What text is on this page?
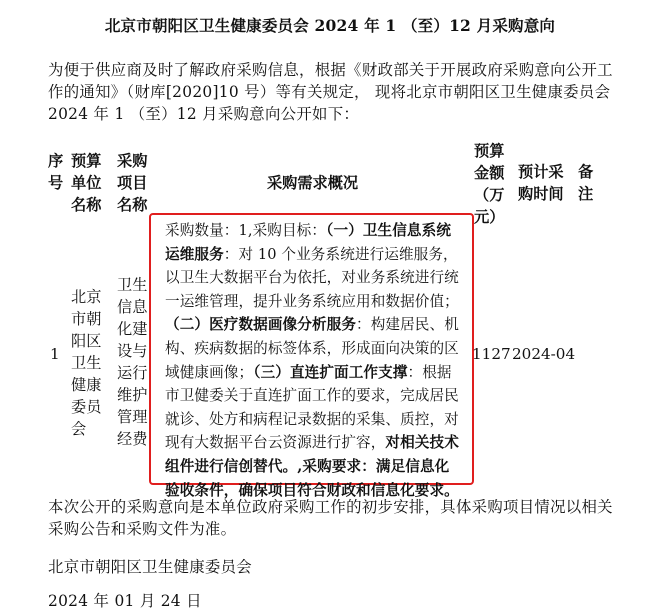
北京市朝阳区卫生健康委员会 2024 年 1 （至）12 月采购意向
为便于供应商及时了解政府采购信息，根据《财政部关于开展政府采购意向公开工作的通知》（财库[2020]10 号）等有关规定， 现将北京市朝阳区卫生健康委员会 2024 年 1 （至）12 月采购意向公开如下：
序号
预算单位名称
采购项目名称
采购需求概况
预算金额（万元）
预计采购时间
备注
1
北京市朝阳区卫生健康委员会
卫生信息化建设与运行维护管理经费
采购数量：1,采购目标：（一）卫生信息系统运维服务：对 10 个业务系统进行运维服务，以卫生大数据平台为依托，对业务系统进行统一运维管理，提升业务系统应用和数据价值；（二）医疗数据画像分析服务：构建居民、机构、疾病数据的标签体系，形成面向决策的区域健康画像；（三）直连扩面工作支撑：根据市卫健委关于直连扩面工作的要求，完成居民就诊、处方和病程记录数据的采集、质控，对现有大数据平台云资源进行扩容，对相关技术组件进行信创替代。,采购要求：满足信息化验收条件，确保项目符合财政和信息化要求。
1127 2024-04
本次公开的采购意向是本单位政府采购工作的初步安排，具体采购项目情况以相关采购公告和采购文件为准。
北京市朝阳区卫生健康委员会
2024 年 01 月 24 日
